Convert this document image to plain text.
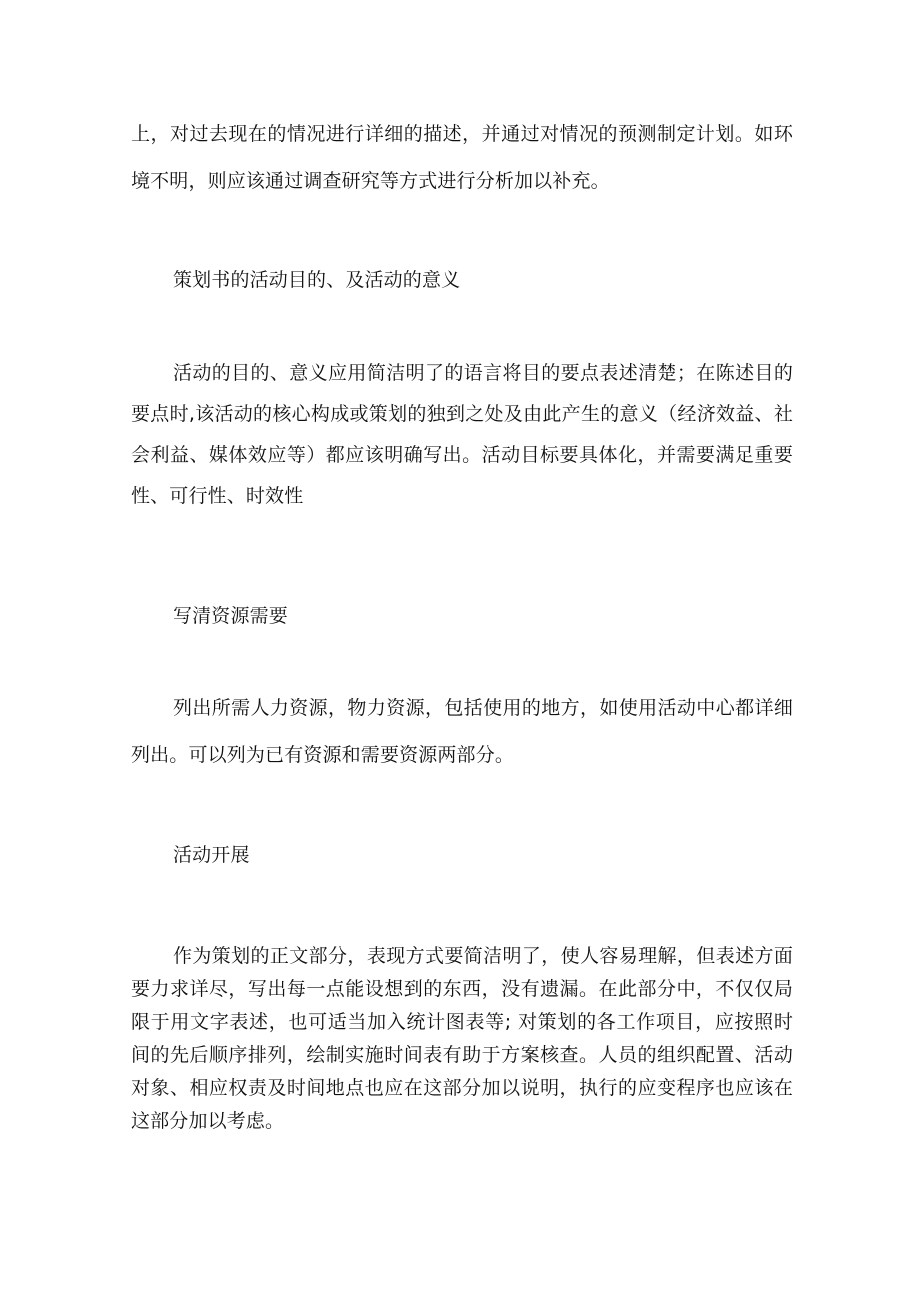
上，对过去现在的情况进行详细的描述，并通过对情况的预测制定计划。如环境不明，则应该通过调查研究等方式进行分析加以补充。

策划书的活动目的、及活动的意义

活动的目的、意义应用简洁明了的语言将目的要点表述清楚；在陈述目的要点时,该活动的核心构成或策划的独到之处及由此产生的意义（经济效益、社会利益、媒体效应等）都应该明确写出。活动目标要具体化，并需要满足重要性、可行性、时效性

写清资源需要

列出所需人力资源，物力资源，包括使用的地方，如使用活动中心都详细列出。可以列为已有资源和需要资源两部分。

活动开展

作为策划的正文部分，表现方式要简洁明了，使人容易理解，但表述方面要力求详尽，写出每一点能设想到的东西，没有遗漏。在此部分中，不仅仅局限于用文字表述，也可适当加入统计图表等; 对策划的各工作项目，应按照时间的先后顺序排列，绘制实施时间表有助于方案核查。人员的组织配置、活动对象、相应权责及时间地点也应在这部分加以说明，执行的应变程序也应该在这部分加以考虑。
